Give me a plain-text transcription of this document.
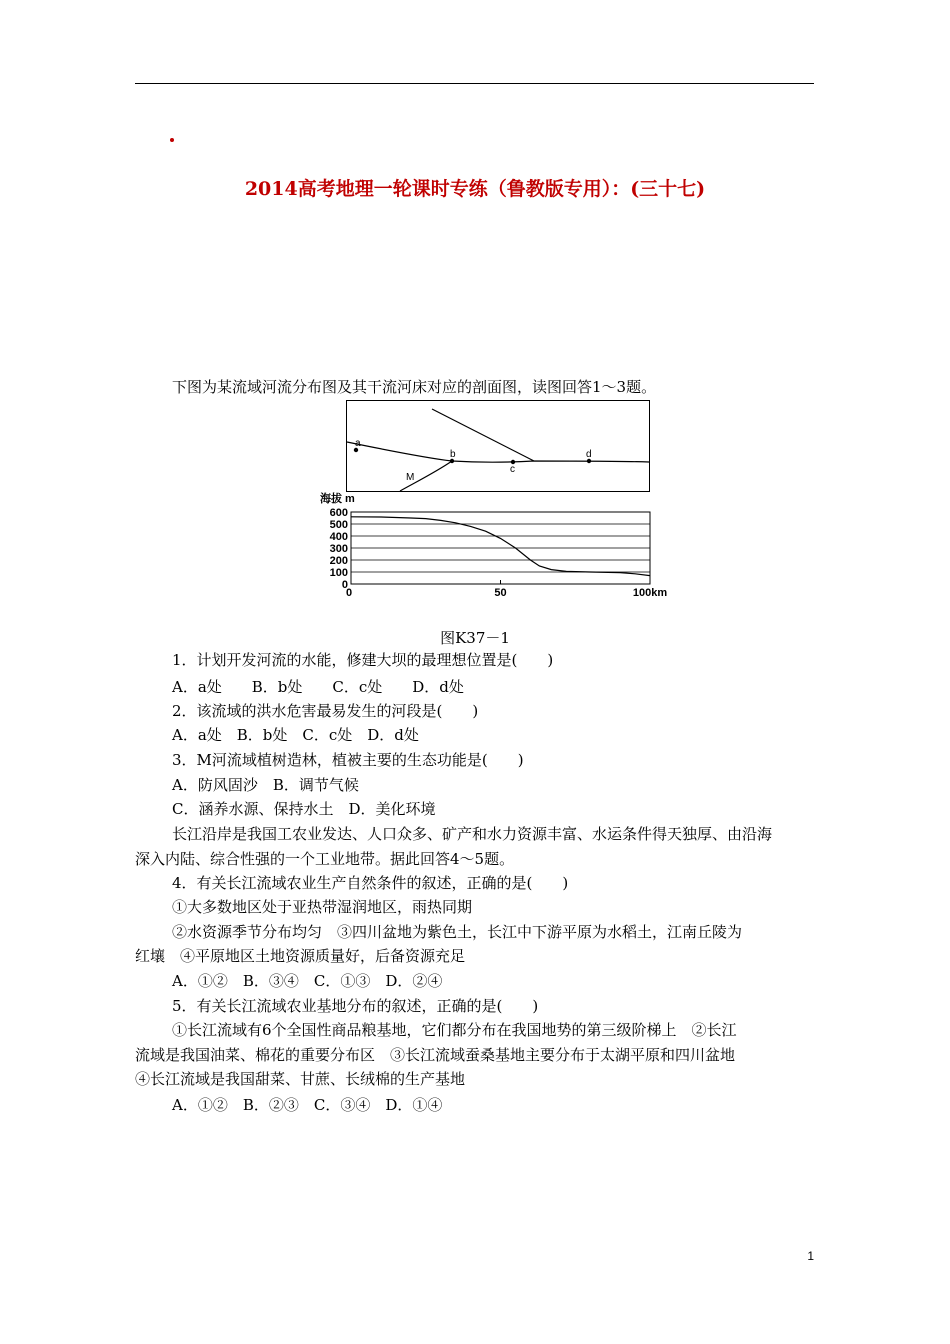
2014高考地理一轮课时专练（鲁教版专用）：(三十七)
下图为某流域河流分布图及其干流河床对应的剖面图，读图回答1～3题。
a
b
c
d
M
海拔 m
600
500
400
300
200
100
0
0	50	100km
图K37－1
1．计划开发河流的水能，修建大坝的最理想位置是(　　)
A．a处　　B．b处　　C．c处　　D．d处
2．该流域的洪水危害最易发生的河段是(　　)
A．a处　B．b处　C．c处　D．d处
3．M河流域植树造林，植被主要的生态功能是(　　)
A．防风固沙　B．调节气候
C．涵养水源、保持水土　D．美化环境
长江沿岸是我国工农业发达、人口众多、矿产和水力资源丰富、水运条件得天独厚、由沿海
深入内陆、综合性强的一个工业地带。据此回答4～5题。
4．有关长江流域农业生产自然条件的叙述，正确的是(　　)
①大多数地区处于亚热带湿润地区，雨热同期
②水资源季节分布均匀　③四川盆地为紫色土，长江中下游平原为水稻土，江南丘陵为
红壤　④平原地区土地资源质量好，后备资源充足
A．①②　B．③④　C．①③　D．②④
5．有关长江流域农业基地分布的叙述，正确的是(　　)
①长江流域有6个全国性商品粮基地，它们都分布在我国地势的第三级阶梯上　②长江
流域是我国油菜、棉花的重要分布区　③长江流域蚕桑基地主要分布于太湖平原和四川盆地
④长江流域是我国甜菜、甘蔗、长绒棉的生产基地
A．①②　B．②③　C．③④　D．①④
1
